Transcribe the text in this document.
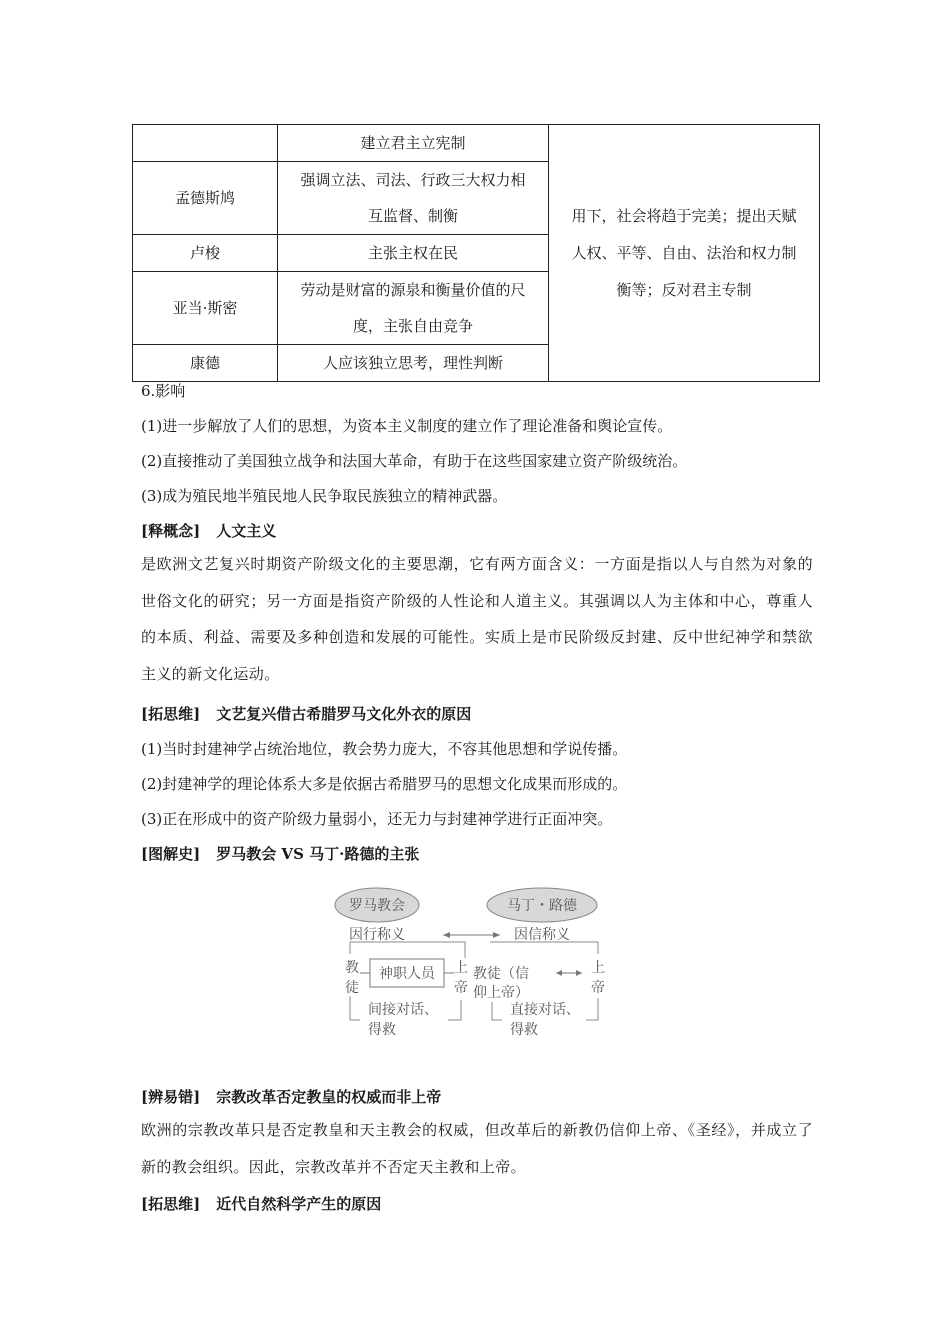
	建立君主立宪制	用下，社会将趋于完美；提出天赋
人权、平等、自由、法治和权力制
衡等；反对君主专制

孟德斯鸠	强调立法、司法、行政三大权力相
互监督、制衡	

卢梭	主张主权在民	
亚当·斯密	劳动是财富的源泉和衡量价值的尺
度，主张自由竞争	

康德	人应该独立思考，理性判断	
6.影响
(1)进一步解放了人们的思想，为资本主义制度的建立作了理论准备和舆论宣传。
(2)直接推动了美国独立战争和法国大革命，有助于在这些国家建立资产阶级统治。
(3)成为殖民地半殖民地人民争取民族独立的精神武器。
[释概念] 人文主义
是欧洲文艺复兴时期资产阶级文化的主要思潮，它有两方面含义：一方面是指以人与自然为对象的世俗文化的研究；另一方面是指资产阶级的人性论和人道主义。其强调以人为主体和中心，尊重人的本质、利益、需要及多种创造和发展的可能性。实质上是市民阶级反封建、反中世纪神学和禁欲主义的新文化运动。
[拓思维] 文艺复兴借古希腊罗马文化外衣的原因
(1)当时封建神学占统治地位，教会势力庞大，不容其他思想和学说传播。
(2)封建神学的理论体系大多是依据古希腊罗马的思想文化成果而形成的。
(3)正在形成中的资产阶级力量弱小，还无力与封建神学进行正面冲突。
[图解史] 罗马教会 VS 马丁·路德的主张
罗马教会	马丁・路德
因行称义	因信称义
教
徒
神职人员 上
帝
间接对话、
得救
教徒（信
仰上帝）
上
帝
直接对话、
得救
[辨易错] 宗教改革否定教皇的权威而非上帝
欧洲的宗教改革只是否定教皇和天主教会的权威，但改革后的新教仍信仰上帝、《圣经》，并成立了新的教会组织。因此，宗教改革并不否定天主教和上帝。
[拓思维] 近代自然科学产生的原因
